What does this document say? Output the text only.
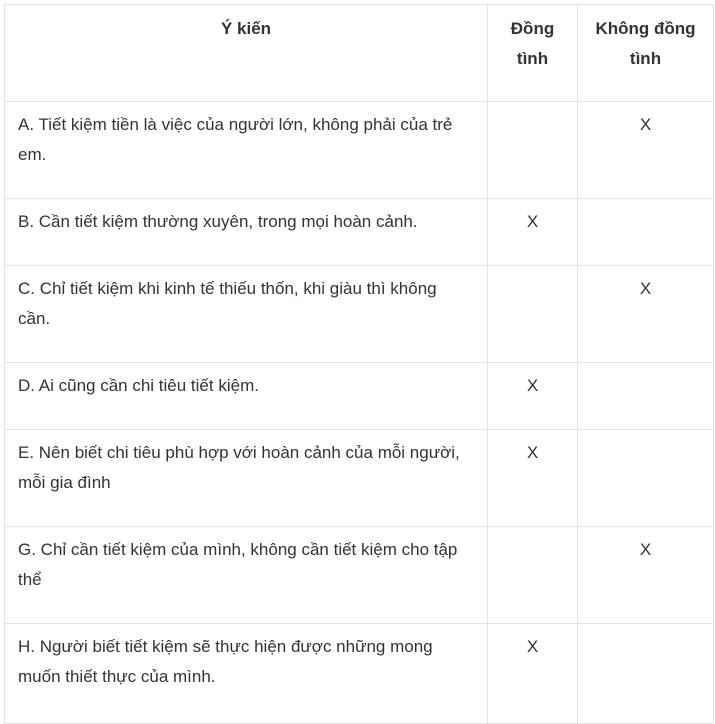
Ý kiến	Đồng tình	Không đồng tình
A. Tiết kiệm tiền là việc của người lớn, không phải của trẻ em.		X
B. Cần tiết kiệm thường xuyên, trong mọi hoàn cảnh.	X	
C. Chỉ tiết kiệm khi kinh tế thiếu thốn, khi giàu thì không cần.		X
D. Ai cũng cần chi tiêu tiết kiệm.	X	
E. Nên biết chi tiêu phù hợp với hoàn cảnh của mỗi người, mỗi gia đình	X	
G. Chỉ cần tiết kiệm của mình, không cần tiết kiệm cho tập thể		X
H. Người biết tiết kiệm sẽ thực hiện được những mong muốn thiết thực của mình.	X	
